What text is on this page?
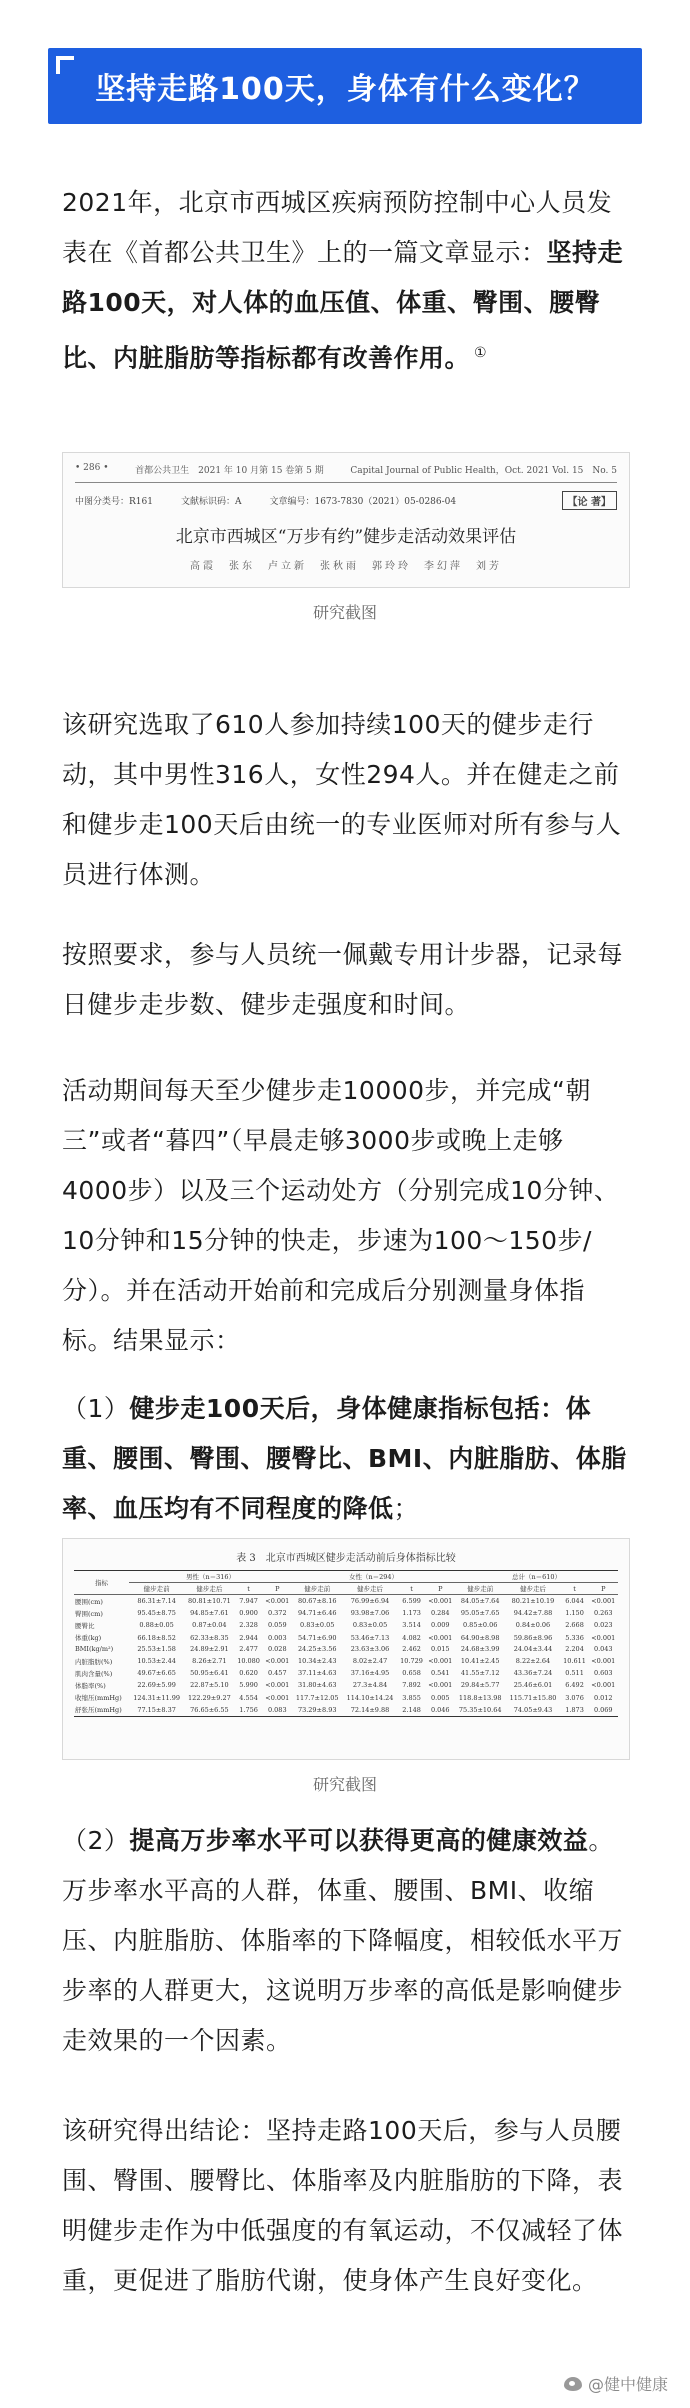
坚持走路100天，身体有什么变化？

2021年，北京市西城区疾病预防控制中心人员发表在《首都公共卫生》上的一篇文章显示：坚持走路100天，对人体的血压值、体重、臀围、腰臀比、内脏脂肪等指标都有改善作用。 ①

• 286 •	首都公共卫生　2021 年 10 月第 15 卷第 5 期	Capital Journal of Public Health，Oct. 2021 Vol. 15　No. 5
中图分类号：R161	文献标识码：A	文章编号：1673-7830（2021）05-0286-04	【论 著】
北京市西城区“万步有约”健步走活动效果评估
高霞　张东　卢立新　张秋雨　郭玲玲　李幻萍　刘芳
研究截图

该研究选取了610人参加持续100天的健步走行动，其中男性316人，女性294人。并在健走之前和健步走100天后由统一的专业医师对所有参与人员进行体测。

按照要求，参与人员统一佩戴专用计步器，记录每日健步走步数、健步走强度和时间。

活动期间每天至少健步走10000步，并完成“朝三”或者“暮四”（早晨走够3000步或晚上走够4000步）以及三个运动处方（分别完成10分钟、10分钟和15分钟的快走，步速为100～150步/分）。并在活动开始前和完成后分别测量身体指标。结果显示：

（1）健步走100天后，身体健康指标包括：体重、腰围、臀围、腰臀比、BMI、内脏脂肪、体脂率、血压均有不同程度的降低；

表 3　北京市西城区健步走活动前后身体指标比较
指标	男性（n＝316）				女性（n＝294）				总计（n＝610）			
	健步走前	健步走后	t	P	健步走前	健步走后	t	P	健步走前	健步走后	t	P
腰围(cm)	86.31±7.14	80.81±10.71	7.947	<0.001	80.67±8.16	76.99±6.94	6.599	<0.001	84.05±7.64	80.21±10.19	6.044	<0.001
臀围(cm)	95.45±8.75	94.85±7.61	0.900	0.372	94.71±6.46	93.98±7.06	1.173	0.284	95.05±7.65	94.42±7.88	1.150	0.263
腰臀比	0.88±0.05	0.87±0.04	2.328	0.059	0.83±0.05	0.83±0.05	3.514	0.009	0.85±0.06	0.84±0.06	2.668	0.023
体重(kg)	66.18±8.52	62.33±8.35	2.944	0.003	54.71±6.90	53.46±7.13	4.082	<0.001	64.90±8.98	59.86±8.96	5.336	<0.001
BMI(kg/m²)	25.53±1.58	24.89±2.91	2.477	0.028	24.25±3.56	23.63±3.06	2.462	0.015	24.68±3.99	24.04±3.44	2.204	0.043
内脏脂肪(%)	10.53±2.44	8.26±2.71	10.080	<0.001	10.34±2.43	8.02±2.47	10.729	<0.001	10.41±2.45	8.22±2.64	10.611	<0.001
肌肉含量(%)	49.67±6.65	50.95±6.41	0.620	0.457	37.11±4.63	37.16±4.95	0.658	0.541	41.55±7.12	43.36±7.24	0.511	0.603
体脂率(%)	22.69±5.99	22.87±5.10	5.990	<0.001	31.80±4.63	27.3±4.84	7.892	<0.001	29.84±5.77	25.46±6.01	6.492	<0.001
收缩压(mmHg)	124.31±11.99	122.29±9.27	4.554	<0.001	117.7±12.05	114.10±14.24	3.855	0.005	118.8±13.98	115.71±15.80	3.076	0.012
舒张压(mmHg)	77.15±8.37	76.65±6.55	1.756	0.083	73.29±8.93	72.14±9.88	2.148	0.046	75.35±10.64	74.05±9.43	1.873	0.069
研究截图

（2）提高万步率水平可以获得更高的健康效益。万步率水平高的人群，体重、腰围、BMI、收缩压、内脏脂肪、体脂率的下降幅度，相较低水平万步率的人群更大，这说明万步率的高低是影响健步走效果的一个因素。

该研究得出结论：坚持走路100天后，参与人员腰围、臀围、腰臀比、体脂率及内脏脂肪的下降，表明健步走作为中低强度的有氧运动，不仅减轻了体重，更促进了脂肪代谢，使身体产生良好变化。

@健中健康
